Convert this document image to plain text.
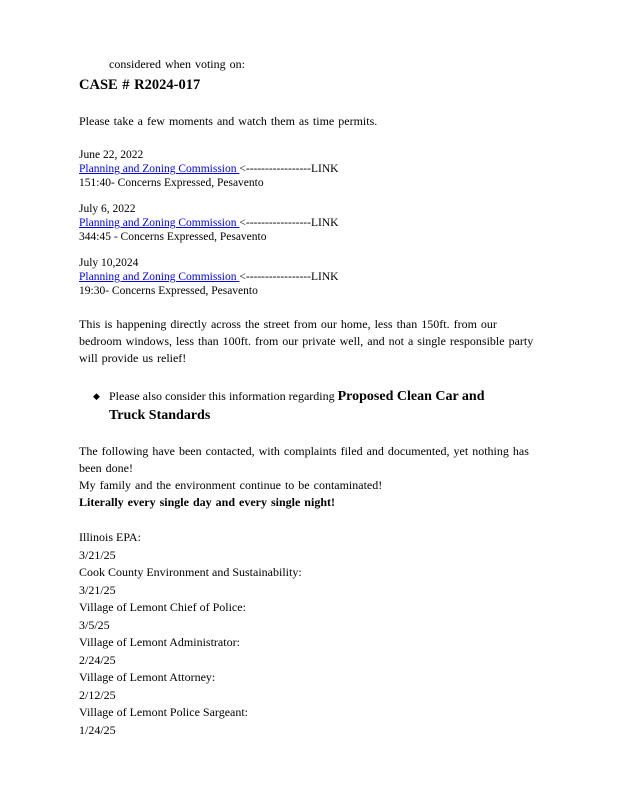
considered when voting on:

CASE # R2024-017

Please take a few moments and watch them as time permits.

June 22, 2022

Planning and Zoning Commission <-----------------LINK

151:40- Concerns Expressed, Pesavento

July 6, 2022

Planning and Zoning Commission <-----------------LINK

344:45 - Concerns Expressed, Pesavento

July 10,2024

Planning and Zoning Commission <-----------------LINK

19:30- Concerns Expressed, Pesavento

This is happening directly across the street from our home, less than 150ft. from our bedroom windows, less than 100ft. from our private well, and not a single responsible party will provide us relief!

◆ Please also consider this information regarding Proposed Clean Car and Truck Standards

The following have been contacted, with complaints filed and documented, yet nothing has been done!

My family and the environment continue to be contaminated!

Literally every single day and every single night!

Illinois EPA:

3/21/25

Cook County Environment and Sustainability:

3/21/25

Village of Lemont Chief of Police:

3/5/25

Village of Lemont Administrator:

2/24/25

Village of Lemont Attorney:

2/12/25

Village of Lemont Police Sargeant:

1/24/25
